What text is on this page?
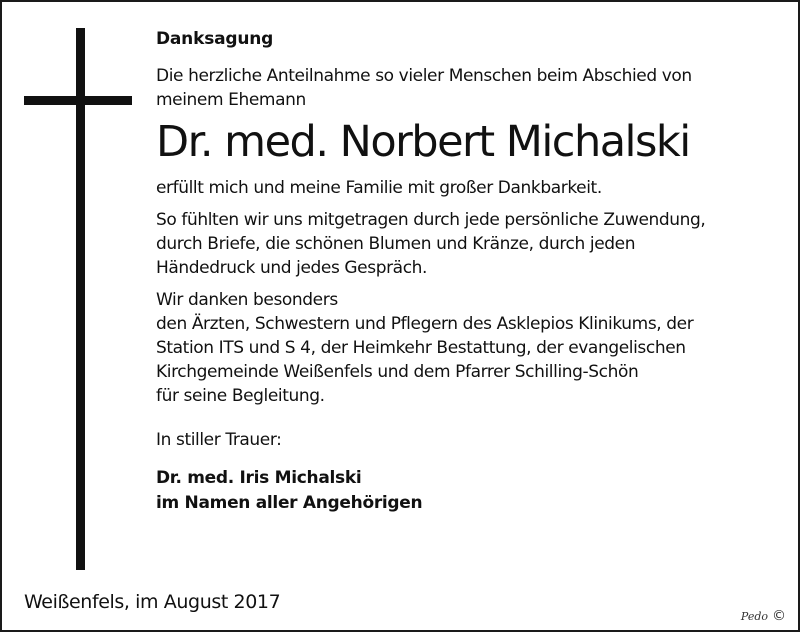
Danksagung

Die herzliche Anteilnahme so vieler Menschen beim Abschied von

meinem Ehemann

Dr. med. Norbert Michalski

erfüllt mich und meine Familie mit großer Dankbarkeit.

So fühlten wir uns mitgetragen durch jede persönliche Zuwendung,

durch Briefe, die schönen Blumen und Kränze, durch jeden

Händedruck und jedes Gespräch.

Wir danken besonders

den Ärzten, Schwestern und Pflegern des Asklepios Klinikums, der

Station ITS und S 4, der Heimkehr Bestattung, der evangelischen

Kirchgemeinde Weißenfels und dem Pfarrer Schilling-Schön

für seine Begleitung.

In stiller Trauer:

Dr. med. Iris Michalski

im Namen aller Angehörigen

Weißenfels, im August 2017
Pedo ©
